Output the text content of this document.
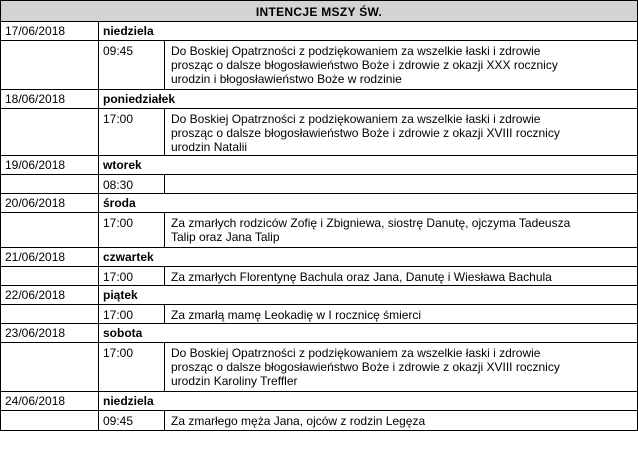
INTENCJE MSZY ŚW.
17/06/2018	niedziela
09:45	Do Boskiej Opatrzności z podziękowaniem za wszelkie łaski i zdrowie
prosząc o dalsze błogosławieństwo Boże i zdrowie z okazji XXX rocznicy
urodzin i błogosławieństwo Boże w rodzinie
18/06/2018	poniedziałek
17:00	Do Boskiej Opatrzności z podziękowaniem za wszelkie łaski i zdrowie
prosząc o dalsze błogosławieństwo Boże i zdrowie z okazji XVIII rocznicy
urodzin Natalii
19/06/2018	wtorek
08:30
20/06/2018	środa
17:00	Za zmarłych rodziców Zofię i Zbigniewa, siostrę Danutę, ojczyma Tadeusza
Talip oraz Jana Talip
21/06/2018	czwartek
17:00	Za zmarłych Florentynę Bachula oraz Jana, Danutę i Wiesława Bachula
22/06/2018	piątek
17:00	Za zmarłą mamę Leokadię w I rocznicę śmierci
23/06/2018	sobota
17:00	Do Boskiej Opatrzności z podziękowaniem za wszelkie łaski i zdrowie
prosząc o dalsze błogosławieństwo Boże i zdrowie z okazji XVIII rocznicy
urodzin Karoliny Treffler
24/06/2018	niedziela
09:45	Za zmarłego męża Jana, ojców z rodzin Legęza
